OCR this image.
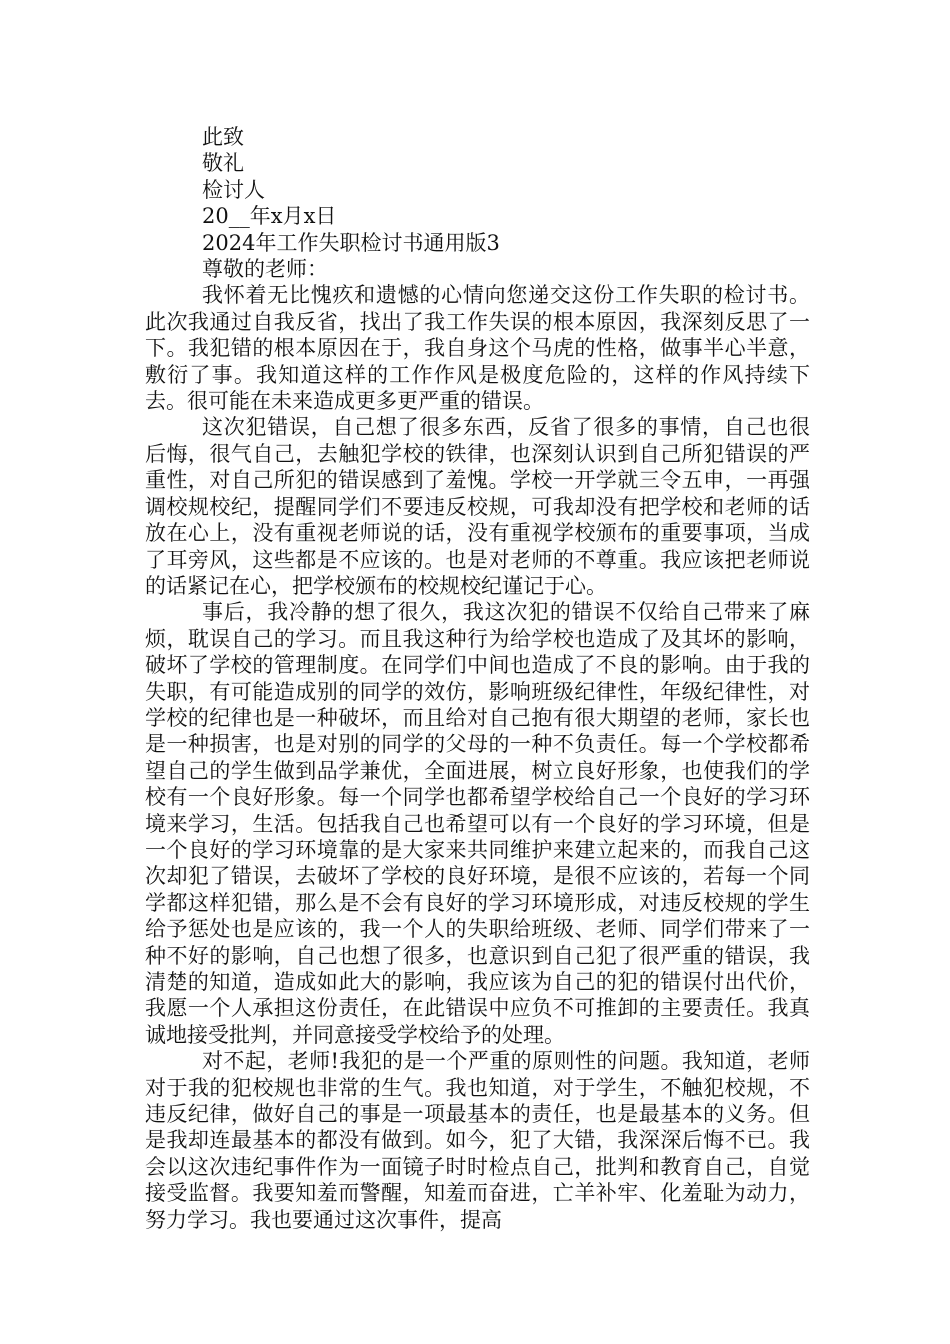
此致

敬礼

检讨人

20__年x月x日

2024年工作失职检讨书通用版3

尊敬的老师：

我怀着无比愧疚和遗憾的心情向您递交这份工作失职的检讨书。此次我通过自我反省，找出了我工作失误的根本原因，我深刻反思了一下。我犯错的根本原因在于，我自身这个马虎的性格，做事半心半意，敷衍了事。我知道这样的工作作风是极度危险的，这样的作风持续下去。很可能在未来造成更多更严重的错误。

这次犯错误，自己想了很多东西，反省了很多的事情，自己也很后悔，很气自己，去触犯学校的铁律，也深刻认识到自己所犯错误的严重性，对自己所犯的错误感到了羞愧。学校一开学就三令五申，一再强调校规校纪，提醒同学们不要违反校规，可我却没有把学校和老师的话放在心上，没有重视老师说的话，没有重视学校颁布的重要事项，当成了耳旁风，这些都是不应该的。也是对老师的不尊重。我应该把老师说的话紧记在心，把学校颁布的校规校纪谨记于心。

事后，我冷静的想了很久，我这次犯的错误不仅给自己带来了麻烦，耽误自己的学习。而且我这种行为给学校也造成了及其坏的影响，破坏了学校的管理制度。在同学们中间也造成了不良的影响。由于我的失职，有可能造成别的同学的效仿，影响班级纪律性，年级纪律性，对学校的纪律也是一种破坏，而且给对自己抱有很大期望的老师，家长也是一种损害，也是对别的同学的父母的一种不负责任。每一个学校都希望自己的学生做到品学兼优，全面进展，树立良好形象，也使我们的学校有一个良好形象。每一个同学也都希望学校给自己一个良好的学习环境来学习，生活。包括我自己也希望可以有一个良好的学习环境，但是一个良好的学习环境靠的是大家来共同维护来建立起来的，而我自己这次却犯了错误，去破坏了学校的良好环境，是很不应该的，若每一个同学都这样犯错，那么是不会有良好的学习环境形成，对违反校规的学生给予惩处也是应该的，我一个人的失职给班级、老师、同学们带来了一种不好的影响，自己也想了很多，也意识到自己犯了很严重的错误，我清楚的知道，造成如此大的影响，我应该为自己的犯的错误付出代价，我愿一个人承担这份责任，在此错误中应负不可推卸的主要责任。我真诚地接受批判，并同意接受学校给予的处理。

对不起，老师!我犯的是一个严重的原则性的问题。我知道，老师对于我的犯校规也非常的生气。我也知道，对于学生，不触犯校规，不违反纪律，做好自己的事是一项最基本的责任，也是最基本的义务。但是我却连最基本的都没有做到。如今，犯了大错，我深深后悔不已。我会以这次违纪事件作为一面镜子时时检点自己，批判和教育自己，自觉接受监督。我要知羞而警醒，知羞而奋进，亡羊补牢、化羞耻为动力，努力学习。我也要通过这次事件，提高
